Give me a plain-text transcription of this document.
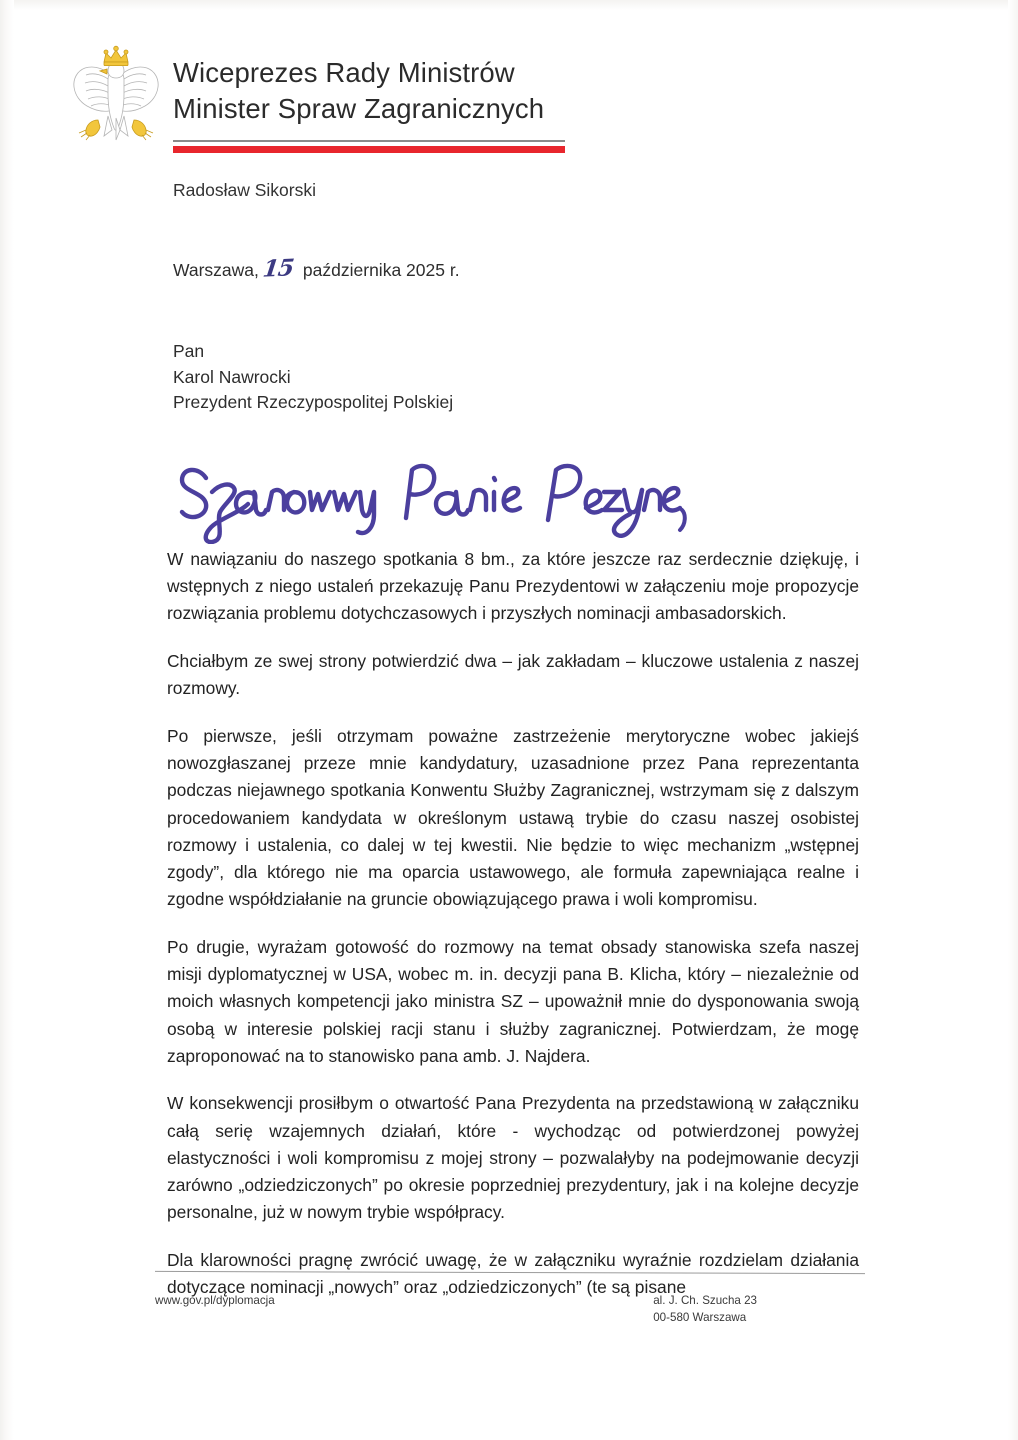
Wiceprezes Rady Ministrów
Minister Spraw Zagranicznych
Radosław Sikorski
Warszawa,15 października 2025 r.
Pan
Karol Nawrocki
Prezydent Rzeczypospolitej Polskiej

W nawiązaniu do naszego spotkania 8 bm., za które jeszcze raz serdecznie dziękuję, i wstępnych z niego ustaleń przekazuję Panu Prezydentowi w załączeniu moje propozycje rozwiązania problemu dotychczasowych i przyszłych nominacji ambasadorskich.

Chciałbym ze swej strony potwierdzić dwa – jak zakładam – kluczowe ustalenia z naszej rozmowy.

Po pierwsze, jeśli otrzymam poważne zastrzeżenie merytoryczne wobec jakiejś nowozgłaszanej przeze mnie kandydatury, uzasadnione przez Pana reprezentanta podczas niejawnego spotkania Konwentu Służby Zagranicznej, wstrzymam się z dalszym procedowaniem kandydata w określonym ustawą trybie do czasu naszej osobistej rozmowy i ustalenia, co dalej w tej kwestii. Nie będzie to więc mechanizm „wstępnej zgody”, dla którego nie ma oparcia ustawowego, ale formuła zapewniająca realne i zgodne współdziałanie na gruncie obowiązującego prawa i woli kompromisu.

Po drugie, wyrażam gotowość do rozmowy na temat obsady stanowiska szefa naszej misji dyplomatycznej w USA, wobec m. in. decyzji pana B. Klicha, który – niezależnie od moich własnych kompetencji jako ministra SZ – upoważnił mnie do dysponowania swoją osobą w interesie polskiej racji stanu i służby zagranicznej. Potwierdzam, że mogę zaproponować na to stanowisko pana amb. J. Najdera.

W konsekwencji prosiłbym o otwartość Pana Prezydenta na przedstawioną w załączniku całą serię wzajemnych działań, które - wychodząc od potwierdzonej powyżej elastyczności i woli kompromisu z mojej strony – pozwalałyby na podejmowanie decyzji zarówno „odziedziczonych” po okresie poprzedniej prezydentury, jak i na kolejne decyzje personalne, już w nowym trybie współpracy.

Dla klarowności pragnę zwrócić uwagę, że w załączniku wyraźnie rozdzielam działania dotyczące nominacji „nowych” oraz „odziedziczonych” (te są pisane

www.gov.pl/dyplomacja	al. J. Ch. Szucha 23
00-580 Warszawa
